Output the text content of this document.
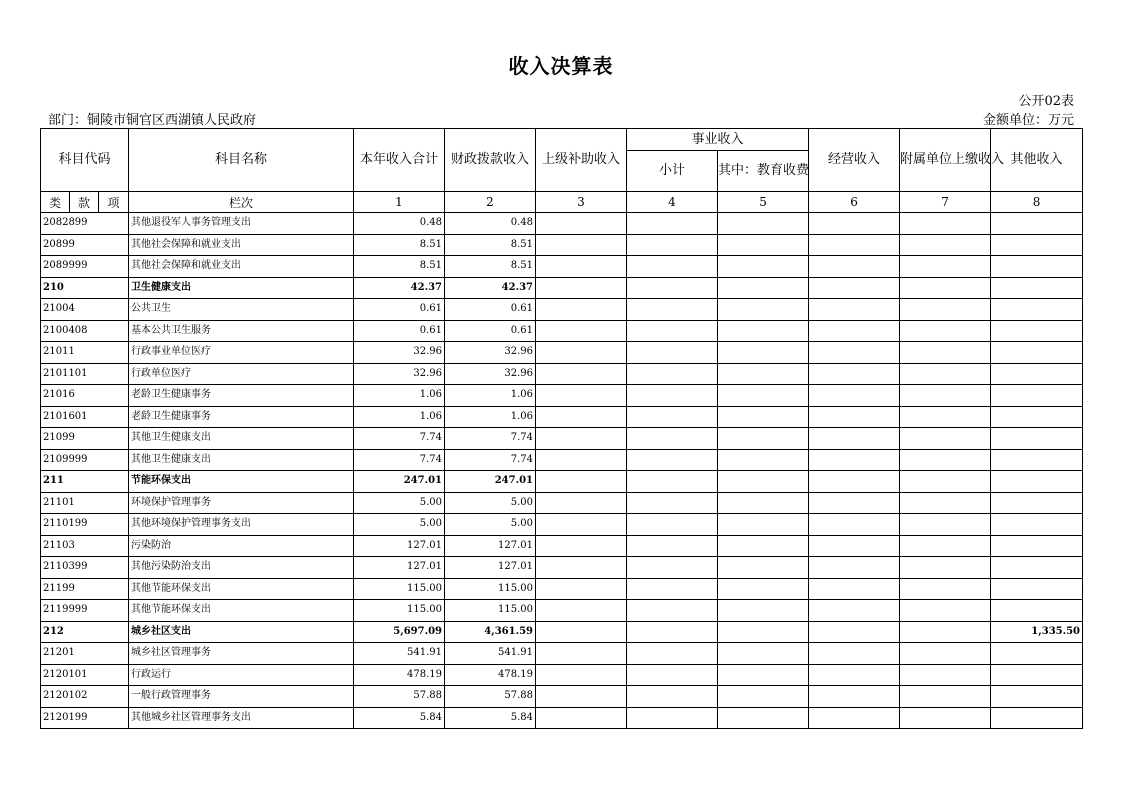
收入决算表
公开02表
部门：铜陵市铜官区西湖镇人民政府	金额单位：万元
科目代码			科目名称	本年收入合计	财政拨款收入	上级补助收入	事业收入		经营收入	附属单位上缴收入	其他收入
							小计	其中：教育收费			
类	款	项	栏次	1	2	3	4	5	6	7	8
2082899			其他退役军人事务管理支出	0.48	0.48						
20899			其他社会保障和就业支出	8.51	8.51						
2089999			其他社会保障和就业支出	8.51	8.51						
210			卫生健康支出	42.37	42.37						
21004			公共卫生	0.61	0.61						
2100408			基本公共卫生服务	0.61	0.61						
21011			行政事业单位医疗	32.96	32.96						
2101101			行政单位医疗	32.96	32.96						
21016			老龄卫生健康事务	1.06	1.06						
2101601			老龄卫生健康事务	1.06	1.06						
21099			其他卫生健康支出	7.74	7.74						
2109999			其他卫生健康支出	7.74	7.74						
211			节能环保支出	247.01	247.01						
21101			环境保护管理事务	5.00	5.00						
2110199			其他环境保护管理事务支出	5.00	5.00						
21103			污染防治	127.01	127.01						
2110399			其他污染防治支出	127.01	127.01						
21199			其他节能环保支出	115.00	115.00						
2119999			其他节能环保支出	115.00	115.00						
212			城乡社区支出	5,697.09	4,361.59						1,335.50
21201			城乡社区管理事务	541.91	541.91						
2120101			行政运行	478.19	478.19						
2120102			一般行政管理事务	57.88	57.88						
2120199			其他城乡社区管理事务支出	5.84	5.84						
